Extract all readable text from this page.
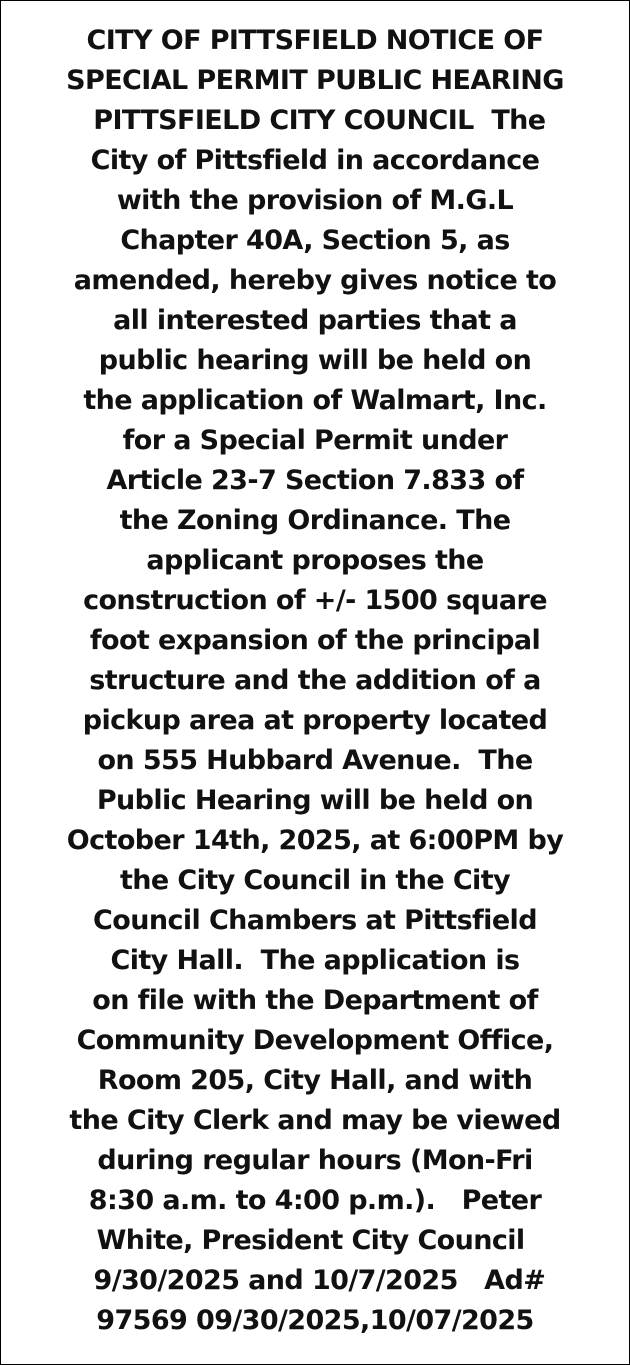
CITY OF PITTSFIELD NOTICE OF
SPECIAL PERMIT PUBLIC HEARING
PITTSFIELD CITY COUNCIL  The
City of Pittsfield in accordance
with the provision of M.G.L
Chapter 40A, Section 5, as
amended, hereby gives notice to
all interested parties that a
public hearing will be held on
the application of Walmart, Inc.
for a Special Permit under
Article 23-7 Section 7.833 of
the Zoning Ordinance. The
applicant proposes the
construction of +/- 1500 square
foot expansion of the principal
structure and the addition of a
pickup area at property located
on 555 Hubbard Avenue.  The
Public Hearing will be held on
October 14th, 2025, at 6:00PM by
the City Council in the City
Council Chambers at Pittsfield
City Hall.  The application is
on file with the Department of
Community Development Office,
Room 205, City Hall, and with
the City Clerk and may be viewed
during regular hours (Mon-Fri
8:30 a.m. to 4:00 p.m.).   Peter
White, President City Council
9/30/2025 and 10/7/2025   Ad#
97569 09/30/2025,10/07/2025
